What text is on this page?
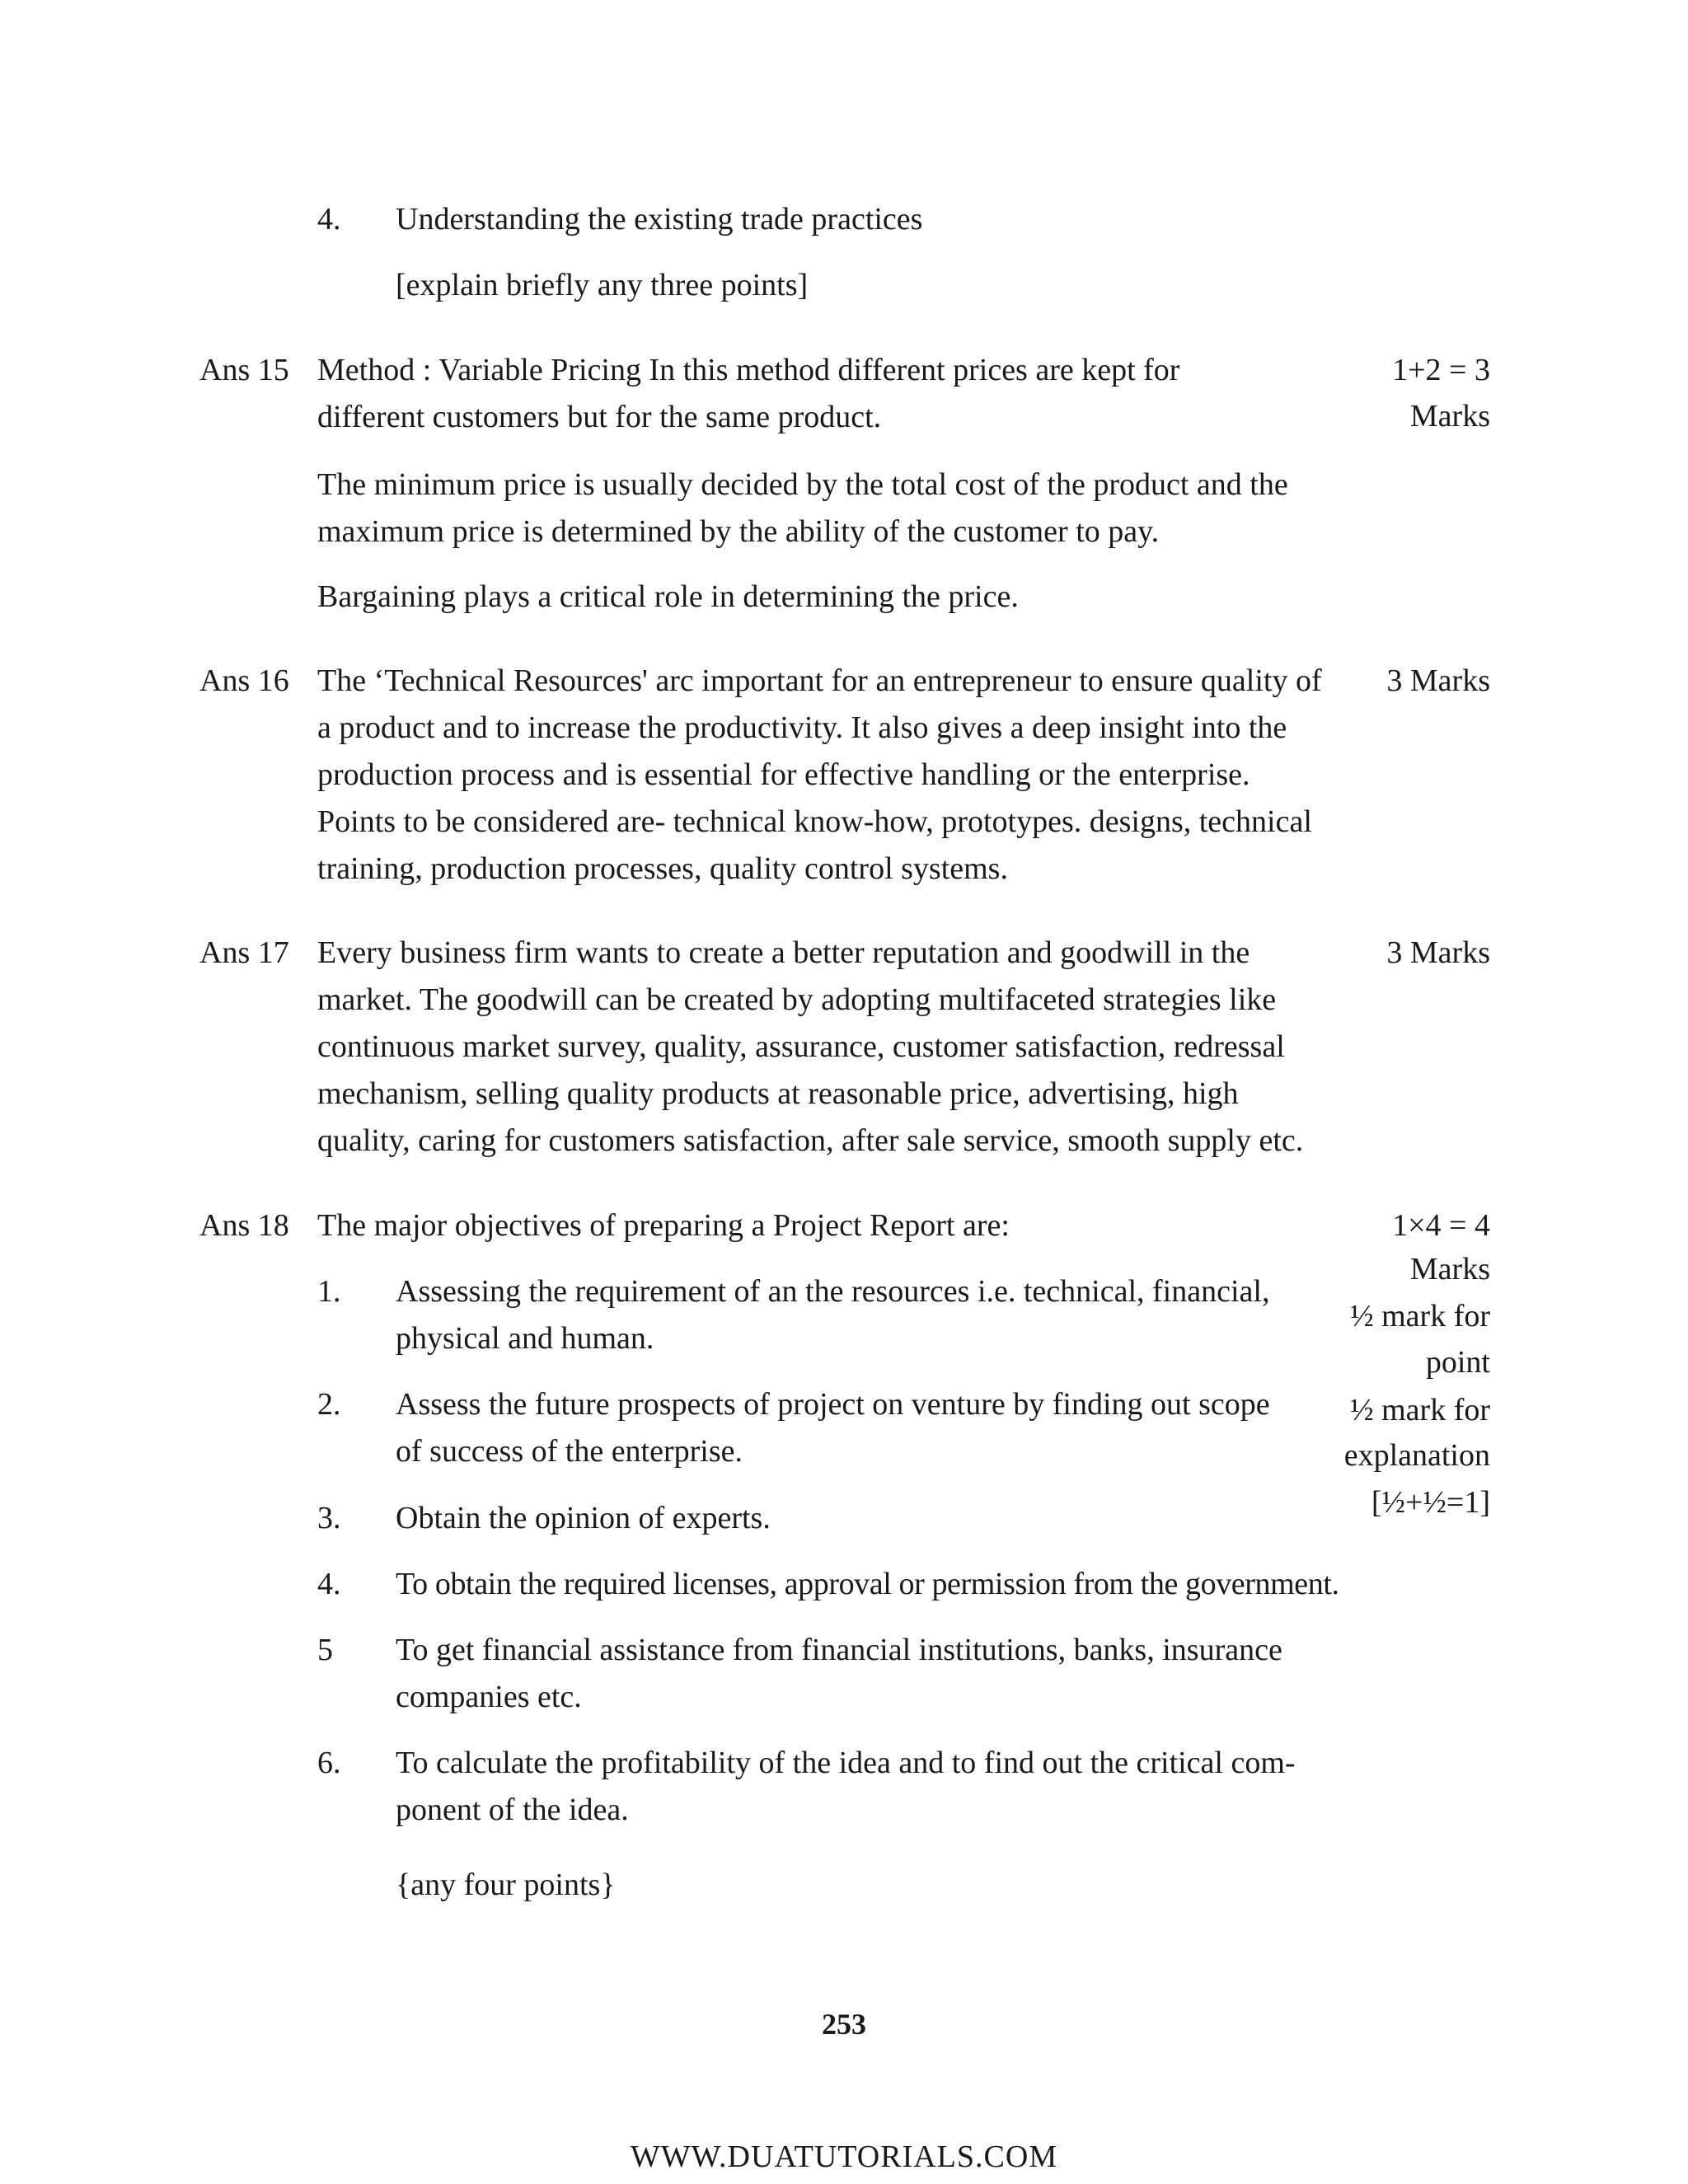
4. Understanding the existing trade practices
[explain briefly any three points]
Ans 15 Method : Variable Pricing In this method different prices are kept for different customers but for the same product.
The minimum price is usually decided by the total cost of the product and the maximum price is determined by the ability of the customer to pay.
Bargaining plays a critical role in determining the price.
1+2 = 3
Marks
Ans 16 The ‘Technical Resources' arc important for an entrepreneur to ensure quality of a product and to increase the productivity. It also gives a deep insight into the production process and is essential for effective handling or the enterprise. Points to be considered are- technical know-how, prototypes. designs, technical training, production processes, quality control systems.
3 Marks
Ans 17 Every business firm wants to create a better reputation and goodwill in the market. The goodwill can be created by adopting multifaceted strategies like continuous market survey, quality, assurance, customer satisfaction, redressal mechanism, selling quality products at reasonable price, advertising, high quality, caring for customers satisfaction, after sale service, smooth supply etc.
3 Marks
Ans 18 The major objectives of preparing a Project Report are:
1. Assessing the requirement of an the resources i.e. technical, financial, physical and human.
2. Assess the future prospects of project on venture by finding out scope of success of the enterprise.
3. Obtain the opinion of experts.
4. To obtain the required licenses, approval or permission from the government.
5 To get financial assistance from financial institutions, banks, insurance companies etc.
6. To calculate the profitability of the idea and to find out the critical com-ponent of the idea.
{any four points}
1×4 = 4
Marks
½ mark for
point
½ mark for
explanation
[½+½=1]
253
WWW.DUATUTORIALS.COM
